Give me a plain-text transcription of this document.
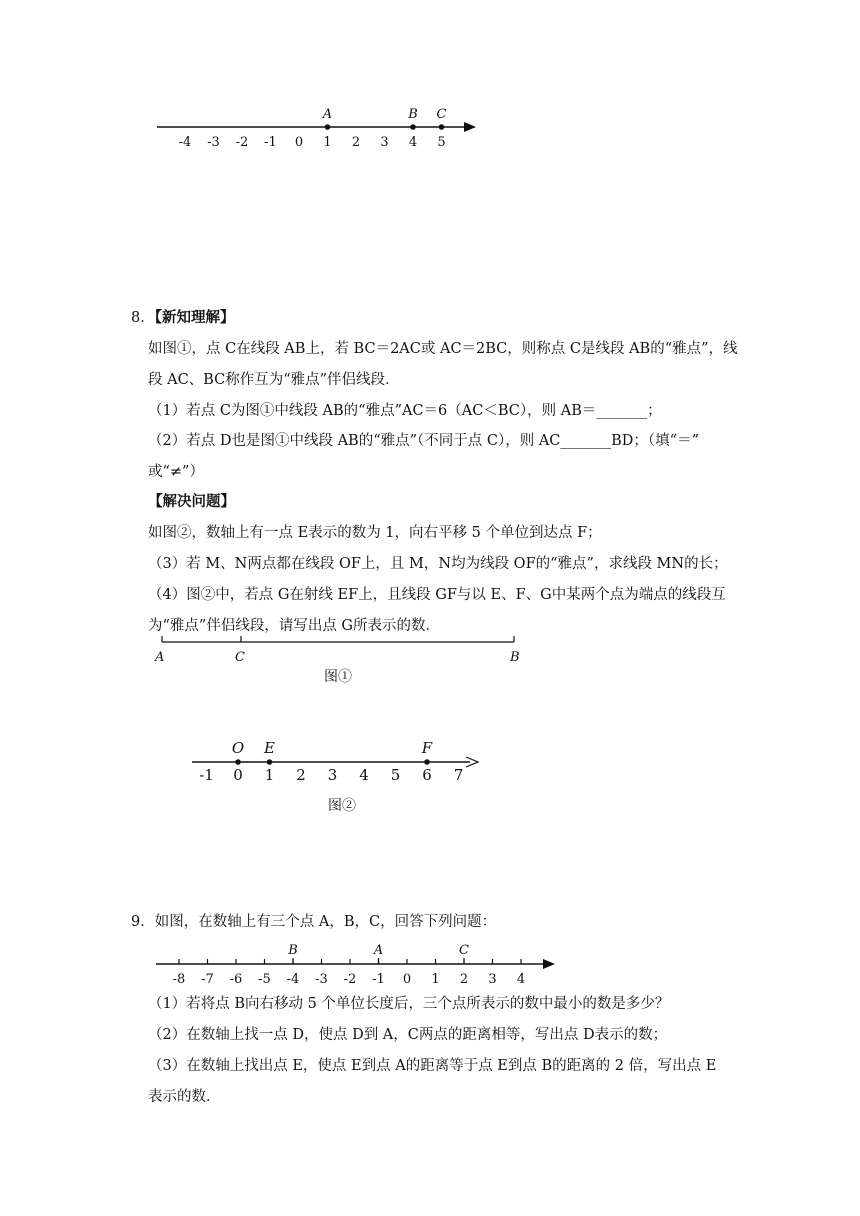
-4 -3 -2 -1 0 1 2 3 4 5
A	B C
8．【新知理解】
如图①，点 C在线段 AB上，若 BC＝2AC或 AC＝2BC，则称点 C是线段 AB的“雅点”，线
段 AC、BC称作互为“雅点”伴侣线段．
（1）若点 C为图①中线段 AB的“雅点”AC＝6（AC＜BC），则 AB＝_______；
（2）若点 D也是图①中线段 AB的“雅点”（不同于点 C），则 AC_______BD；（填“＝”
或“≠”）
【解决问题】
如图②，数轴上有一点 E表示的数为 1，向右平移 5 个单位到达点 F；
（3）若 M、N两点都在线段 OF上，且 M，N均为线段 OF的“雅点”，求线段 MN的长；
（4）图②中，若点 G在射线 EF上，且线段 GF与以 E、F、G中某两个点为端点的线段互
为“雅点”伴侣线段，请写出点 G所表示的数．
A	C	B
图①
-1 0 1 2 3 4 5 6 7
O E	F
图②
9．如图，在数轴上有三个点 A，B，C，回答下列问题：
-8 -7 -6 -5 -4 -3 -2 -1 0 1 2 3 4
B	A	C
（1）若将点 B向右移动 5 个单位长度后，三个点所表示的数中最小的数是多少？
（2）在数轴上找一点 D，使点 D到 A，C两点的距离相等，写出点 D表示的数；
（3）在数轴上找出点 E，使点 E到点 A的距离等于点 E到点 B的距离的 2 倍，写出点 E
表示的数．
